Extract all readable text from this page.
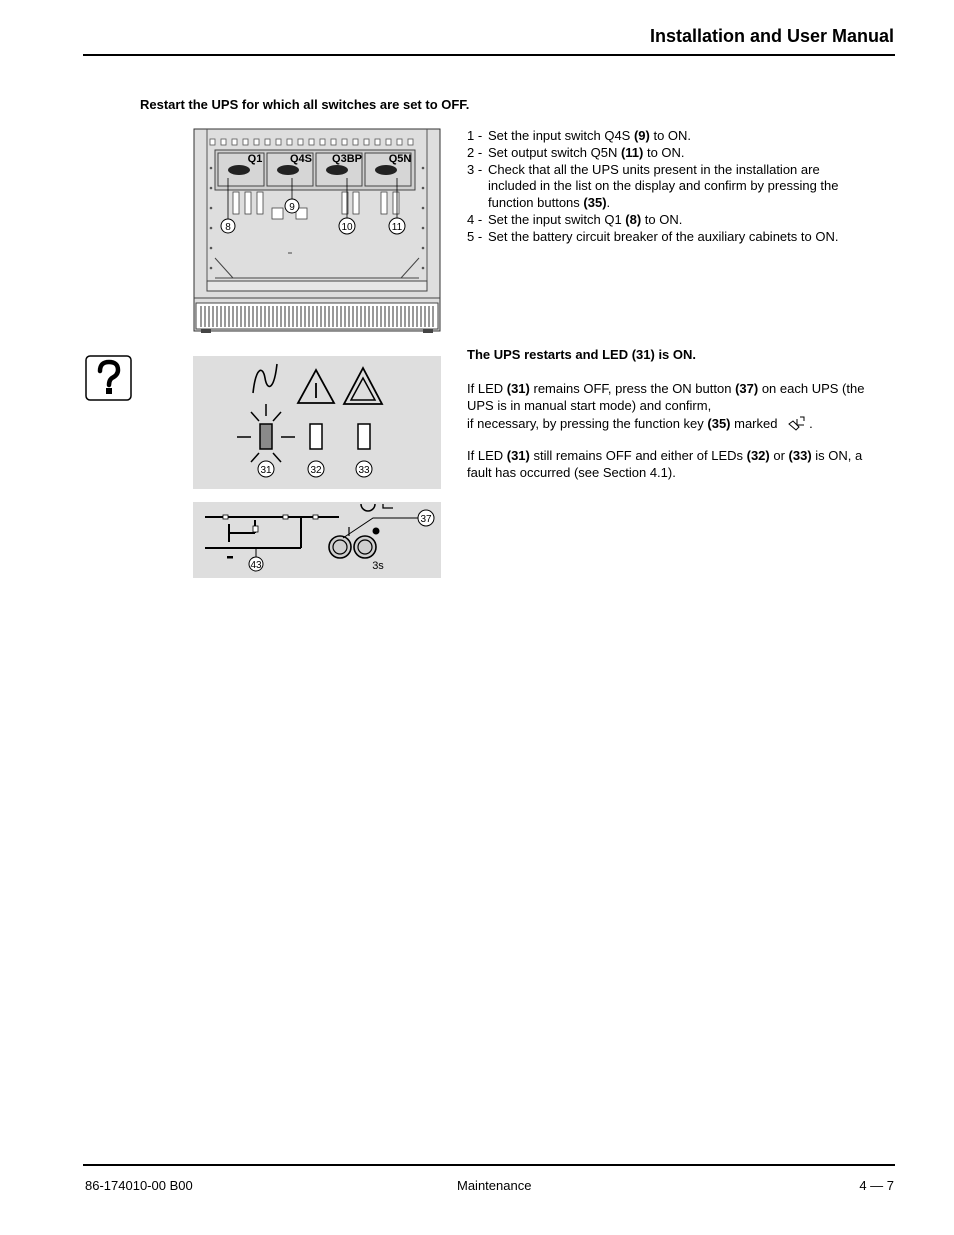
Installation and User Manual
Restart the UPS for which all switches are set to OFF.
Q1	Q4S Q3BP Q5N
8
9
10	11
1 - Set the input switch Q4S (9) to ON.
2 - Set output switch Q5N (11) to ON.
3 - Check that all the UPS units present in the installation are included in the list on the display and confirm by pressing the function buttons (35).
4 - Set the input switch Q1 (8) to ON.
5 - Set the battery circuit breaker of the auxiliary cabinets to ON.
31	32	33
43
37
3s
The UPS restarts and LED (31) is ON.
If LED (31) remains OFF, press the ON button (37) on each UPS (the UPS is in manual start mode) and confirm,
if necessary, by pressing the function key (35) marked .
If LED (31) still remains OFF and either of LEDs (32) or (33) is ON, a fault has occurred (see Section 4.1).
86-174010-00 B00	Maintenance	4 — 7
